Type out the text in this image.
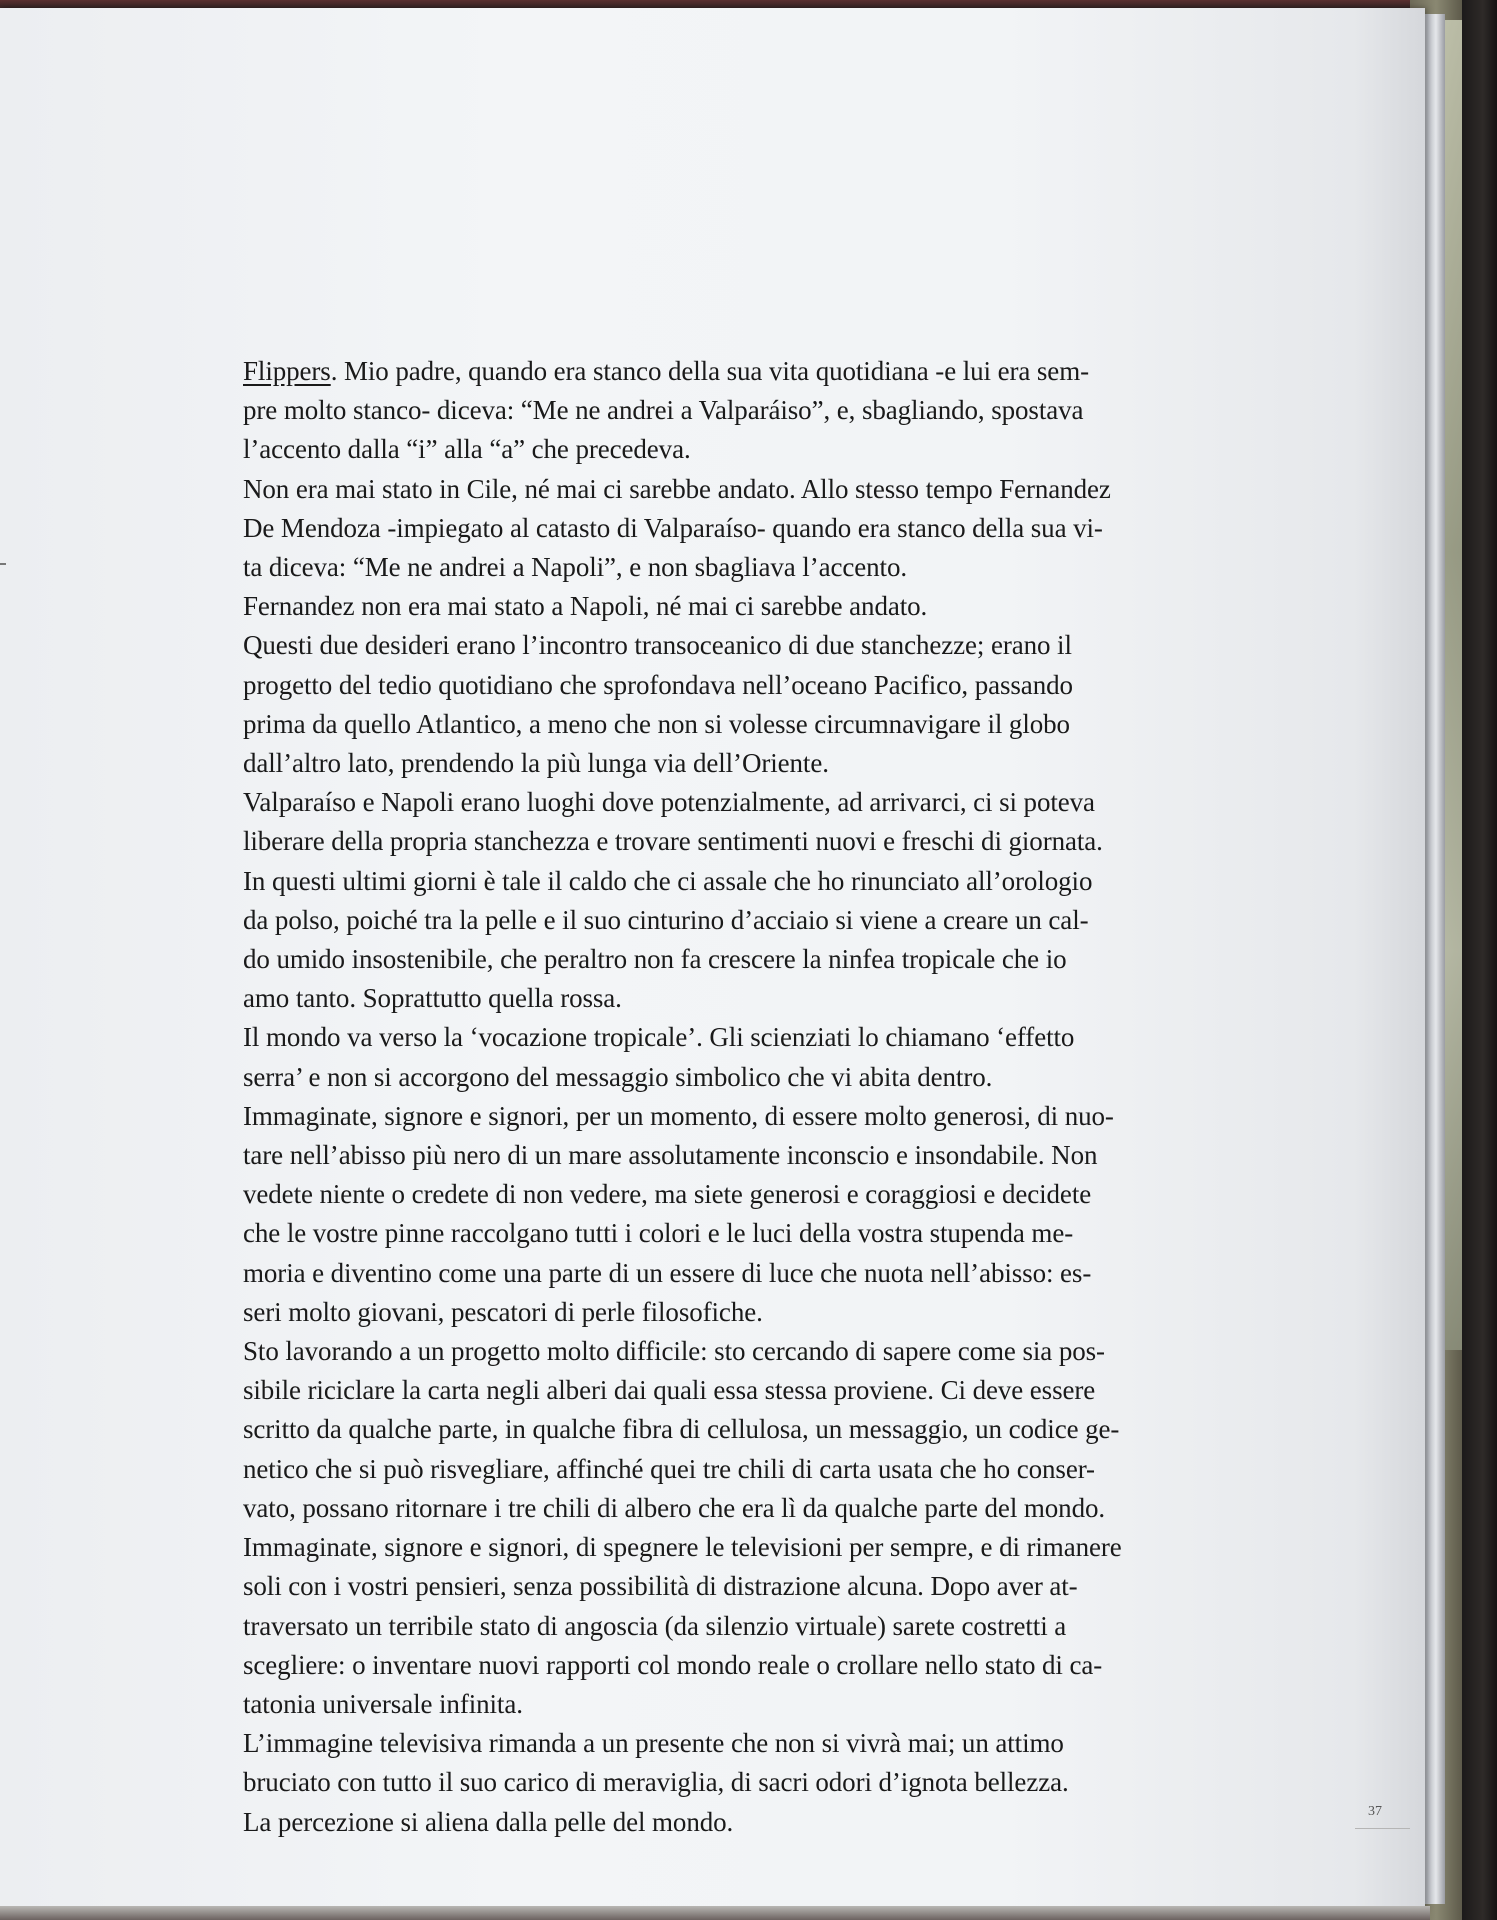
Flippers. Mio padre, quando era stanco della sua vita quotidiana -e lui era sem-
pre molto stanco- diceva: “Me ne andrei a Valparáiso”, e, sbagliando, spostava
l’accento dalla “i” alla “a” che precedeva.
Non era mai stato in Cile, né mai ci sarebbe andato. Allo stesso tempo Fernandez
De Mendoza -impiegato al catasto di Valparaíso- quando era stanco della sua vi-
ta diceva: “Me ne andrei a Napoli”, e non sbagliava l’accento.
Fernandez non era mai stato a Napoli, né mai ci sarebbe andato.
Questi due desideri erano l’incontro transoceanico di due stanchezze; erano il
progetto del tedio quotidiano che sprofondava nell’oceano Pacifico, passando
prima da quello Atlantico, a meno che non si volesse circumnavigare il globo
dall’altro lato, prendendo la più lunga via dell’Oriente.
Valparaíso e Napoli erano luoghi dove potenzialmente, ad arrivarci, ci si poteva
liberare della propria stanchezza e trovare sentimenti nuovi e freschi di giornata.
In questi ultimi giorni è tale il caldo che ci assale che ho rinunciato all’orologio
da polso, poiché tra la pelle e il suo cinturino d’acciaio si viene a creare un cal-
do umido insostenibile, che peraltro non fa crescere la ninfea tropicale che io
amo tanto. Soprattutto quella rossa.
Il mondo va verso la ‘vocazione tropicale’. Gli scienziati lo chiamano ‘effetto
serra’ e non si accorgono del messaggio simbolico che vi abita dentro.
Immaginate, signore e signori, per un momento, di essere molto generosi, di nuo-
tare nell’abisso più nero di un mare assolutamente inconscio e insondabile. Non
vedete niente o credete di non vedere, ma siete generosi e coraggiosi e decidete
che le vostre pinne raccolgano tutti i colori e le luci della vostra stupenda me-
moria e diventino come una parte di un essere di luce che nuota nell’abisso: es-
seri molto giovani, pescatori di perle filosofiche.
Sto lavorando a un progetto molto difficile: sto cercando di sapere come sia pos-
sibile riciclare la carta negli alberi dai quali essa stessa proviene. Ci deve essere
scritto da qualche parte, in qualche fibra di cellulosa, un messaggio, un codice ge-
netico che si può risvegliare, affinché quei tre chili di carta usata che ho conser-
vato, possano ritornare i tre chili di albero che era lì da qualche parte del mondo.
Immaginate, signore e signori, di spegnere le televisioni per sempre, e di rimanere
soli con i vostri pensieri, senza possibilità di distrazione alcuna. Dopo aver at-
traversato un terribile stato di angoscia (da silenzio virtuale) sarete costretti a
scegliere: o inventare nuovi rapporti col mondo reale o crollare nello stato di ca-
tatonia universale infinita.
L’immagine televisiva rimanda a un presente che non si vivrà mai; un attimo
bruciato con tutto il suo carico di meraviglia, di sacri odori d’ignota bellezza.
La percezione si aliena dalla pelle del mondo.	37
